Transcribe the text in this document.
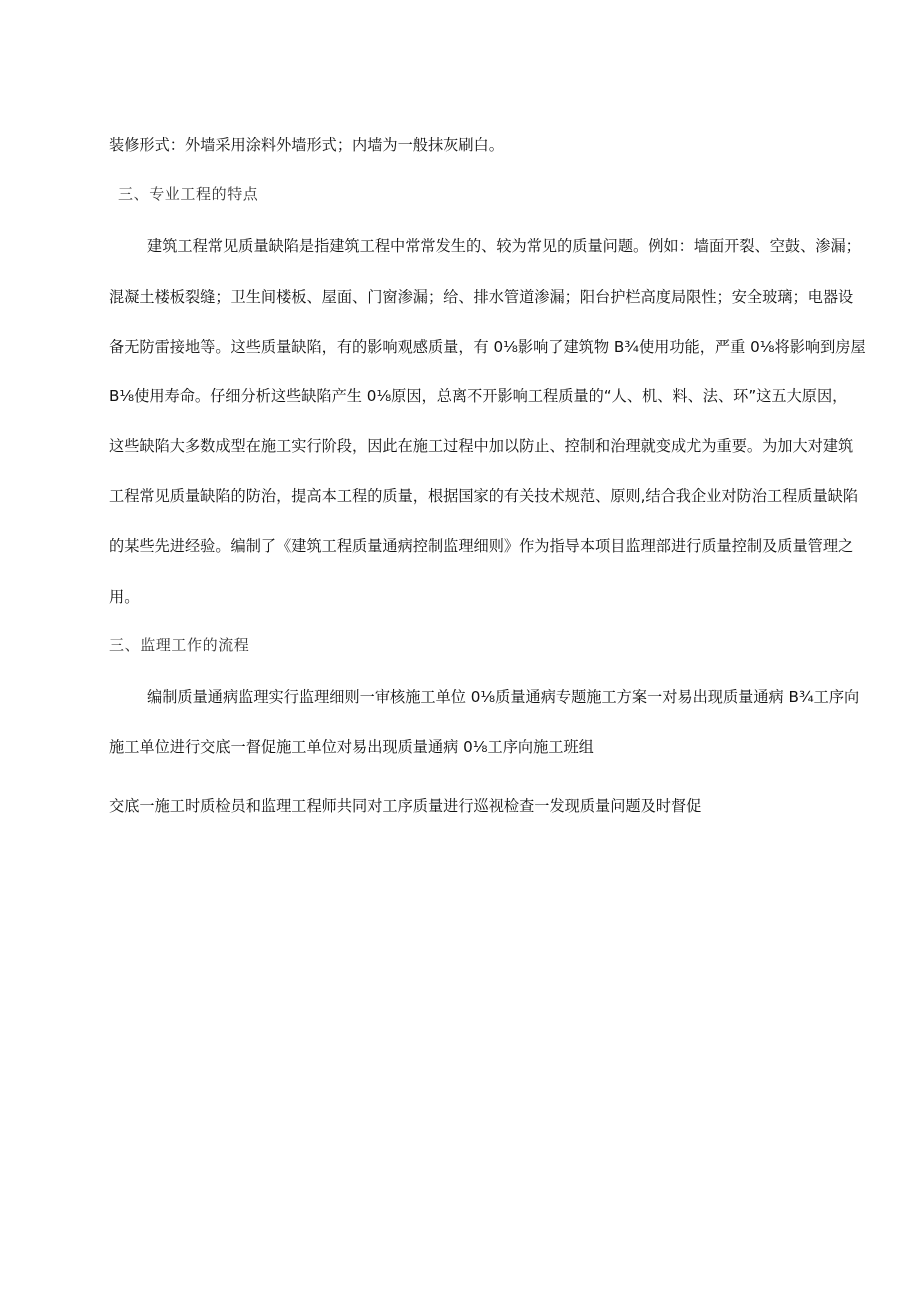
装修形式：外墙采用涂料外墙形式；内墙为一般抹灰刷白。
三、专业工程的特点
建筑工程常见质量缺陷是指建筑工程中常常发生的、较为常见的质量问题。例如：墙面开裂、空鼓、渗漏；
混凝土楼板裂缝；卫生间楼板、屋面、门窗渗漏；给、排水管道渗漏；阳台护栏高度局限性；安全玻璃；电器设
备无防雷接地等。这些质量缺陷，有的影响观感质量，有 0⅛影响了建筑物 B¾使用功能，严重 0⅛将影响到房屋
B⅛使用寿命。仔细分析这些缺陷产生 0⅛原因，总离不开影响工程质量的“人、机、料、法、环”这五大原因，
这些缺陷大多数成型在施工实行阶段，因此在施工过程中加以防止、控制和治理就变成尤为重要。为加大对建筑
工程常见质量缺陷的防治，提高本工程的质量，根据国家的有关技术规范、原则,结合我企业对防治工程质量缺陷
的某些先进经验。编制了《建筑工程质量通病控制监理细则》作为指导本项目监理部进行质量控制及质量管理之
用。
三、监理工作的流程
编制质量通病监理实行监理细则一审核施工单位 0⅛质量通病专题施工方案一对易出现质量通病 B¾工序向
施工单位进行交底一督促施工单位对易出现质量通病 0⅛工序向施工班组
交底一施工时质检员和监理工程师共同对工序质量进行巡视检查一发现质量问题及时督促
